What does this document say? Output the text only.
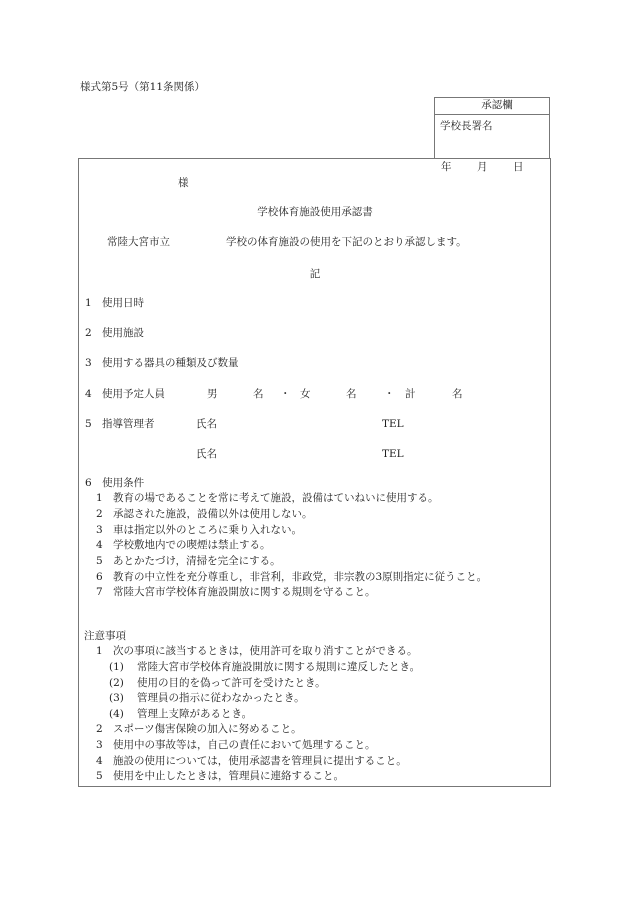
様式第5号（第11条関係）
承認欄
学校長署名
年 月 日
様
学校体育施設使用承認書
常陸大宮市立	学校の体育施設の使用を下記のとおり承認します。
記
1 使用日時
2 使用施設
3 使用する器具の種類及び数量
4 使用予定人員	男	名 ・ 女	名	・ 計	名
5 指導管理者	氏名	TEL
氏名	TEL
6　使用条件
1 教育の場であることを常に考えて施設，設備はていねいに使用する。
2 承認された施設，設備以外は使用しない。
3 車は指定以外のところに乗り入れない。
4 学校敷地内での喫煙は禁止する。
5 あとかたづけ，清掃を完全にする。
6 教育の中立性を充分尊重し，非営利，非政党，非宗教の3原則指定に従うこと。
7 常陸大宮市学校体育施設開放に関する規則を守ること。
注意事項
1 次の事項に該当するときは，使用許可を取り消すことができる。
(1) 常陸大宮市学校体育施設開放に関する規則に違反したとき。
(2) 使用の目的を偽って許可を受けたとき。
(3) 管理員の指示に従わなかったとき。
(4) 管理上支障があるとき。
2 スポーツ傷害保険の加入に努めること。
3 使用中の事故等は，自己の責任において処理すること。
4 施設の使用については，使用承認書を管理員に提出すること。
5 使用を中止したときは，管理員に連絡すること。
